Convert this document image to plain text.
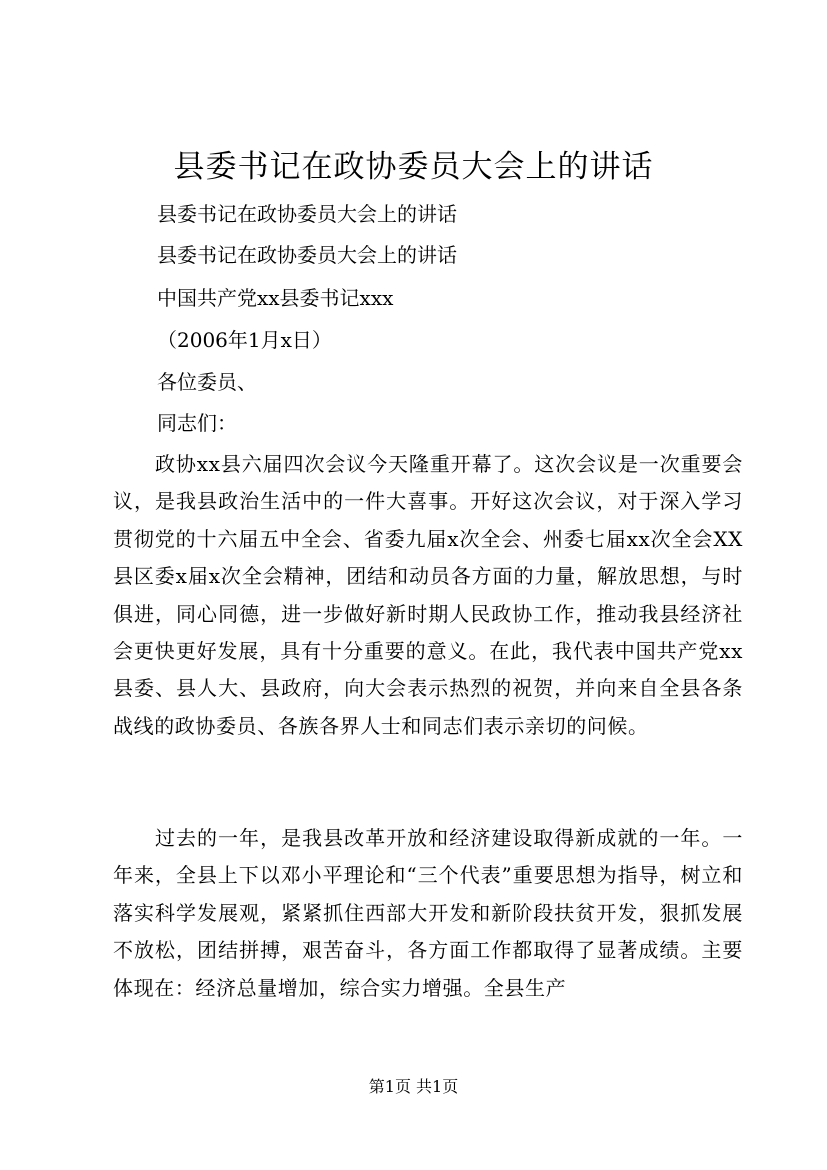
县委书记在政协委员大会上的讲话
县委书记在政协委员大会上的讲话
县委书记在政协委员大会上的讲话
中国共产党xx县委书记xxx
（2006年1月x日）
各位委员、
同志们：

政协xx县六届四次会议今天隆重开幕了。这次会议是一次重要会议，是我县政治生活中的一件大喜事。开好这次会议，对于深入学习贯彻党的十六届五中全会、省委九届x次全会、州委七届xx次全会XX县区委x届x次全会精神，团结和动员各方面的力量，解放思想，与时俱进，同心同德，进一步做好新时期人民政协工作，推动我县经济社会更快更好发展，具有十分重要的意义。在此，我代表中国共产党xx县委、县人大、县政府，向大会表示热烈的祝贺，并向来自全县各条战线的政协委员、各族各界人士和同志们表示亲切的问候。

过去的一年，是我县改革开放和经济建设取得新成就的一年。一年来，全县上下以邓小平理论和“三个代表”重要思想为指导，树立和落实科学发展观，紧紧抓住西部大开发和新阶段扶贫开发，狠抓发展不放松，团结拼搏，艰苦奋斗，各方面工作都取得了显著成绩。主要体现在：经济总量增加，综合实力增强。全县生产

第1页 共1页
